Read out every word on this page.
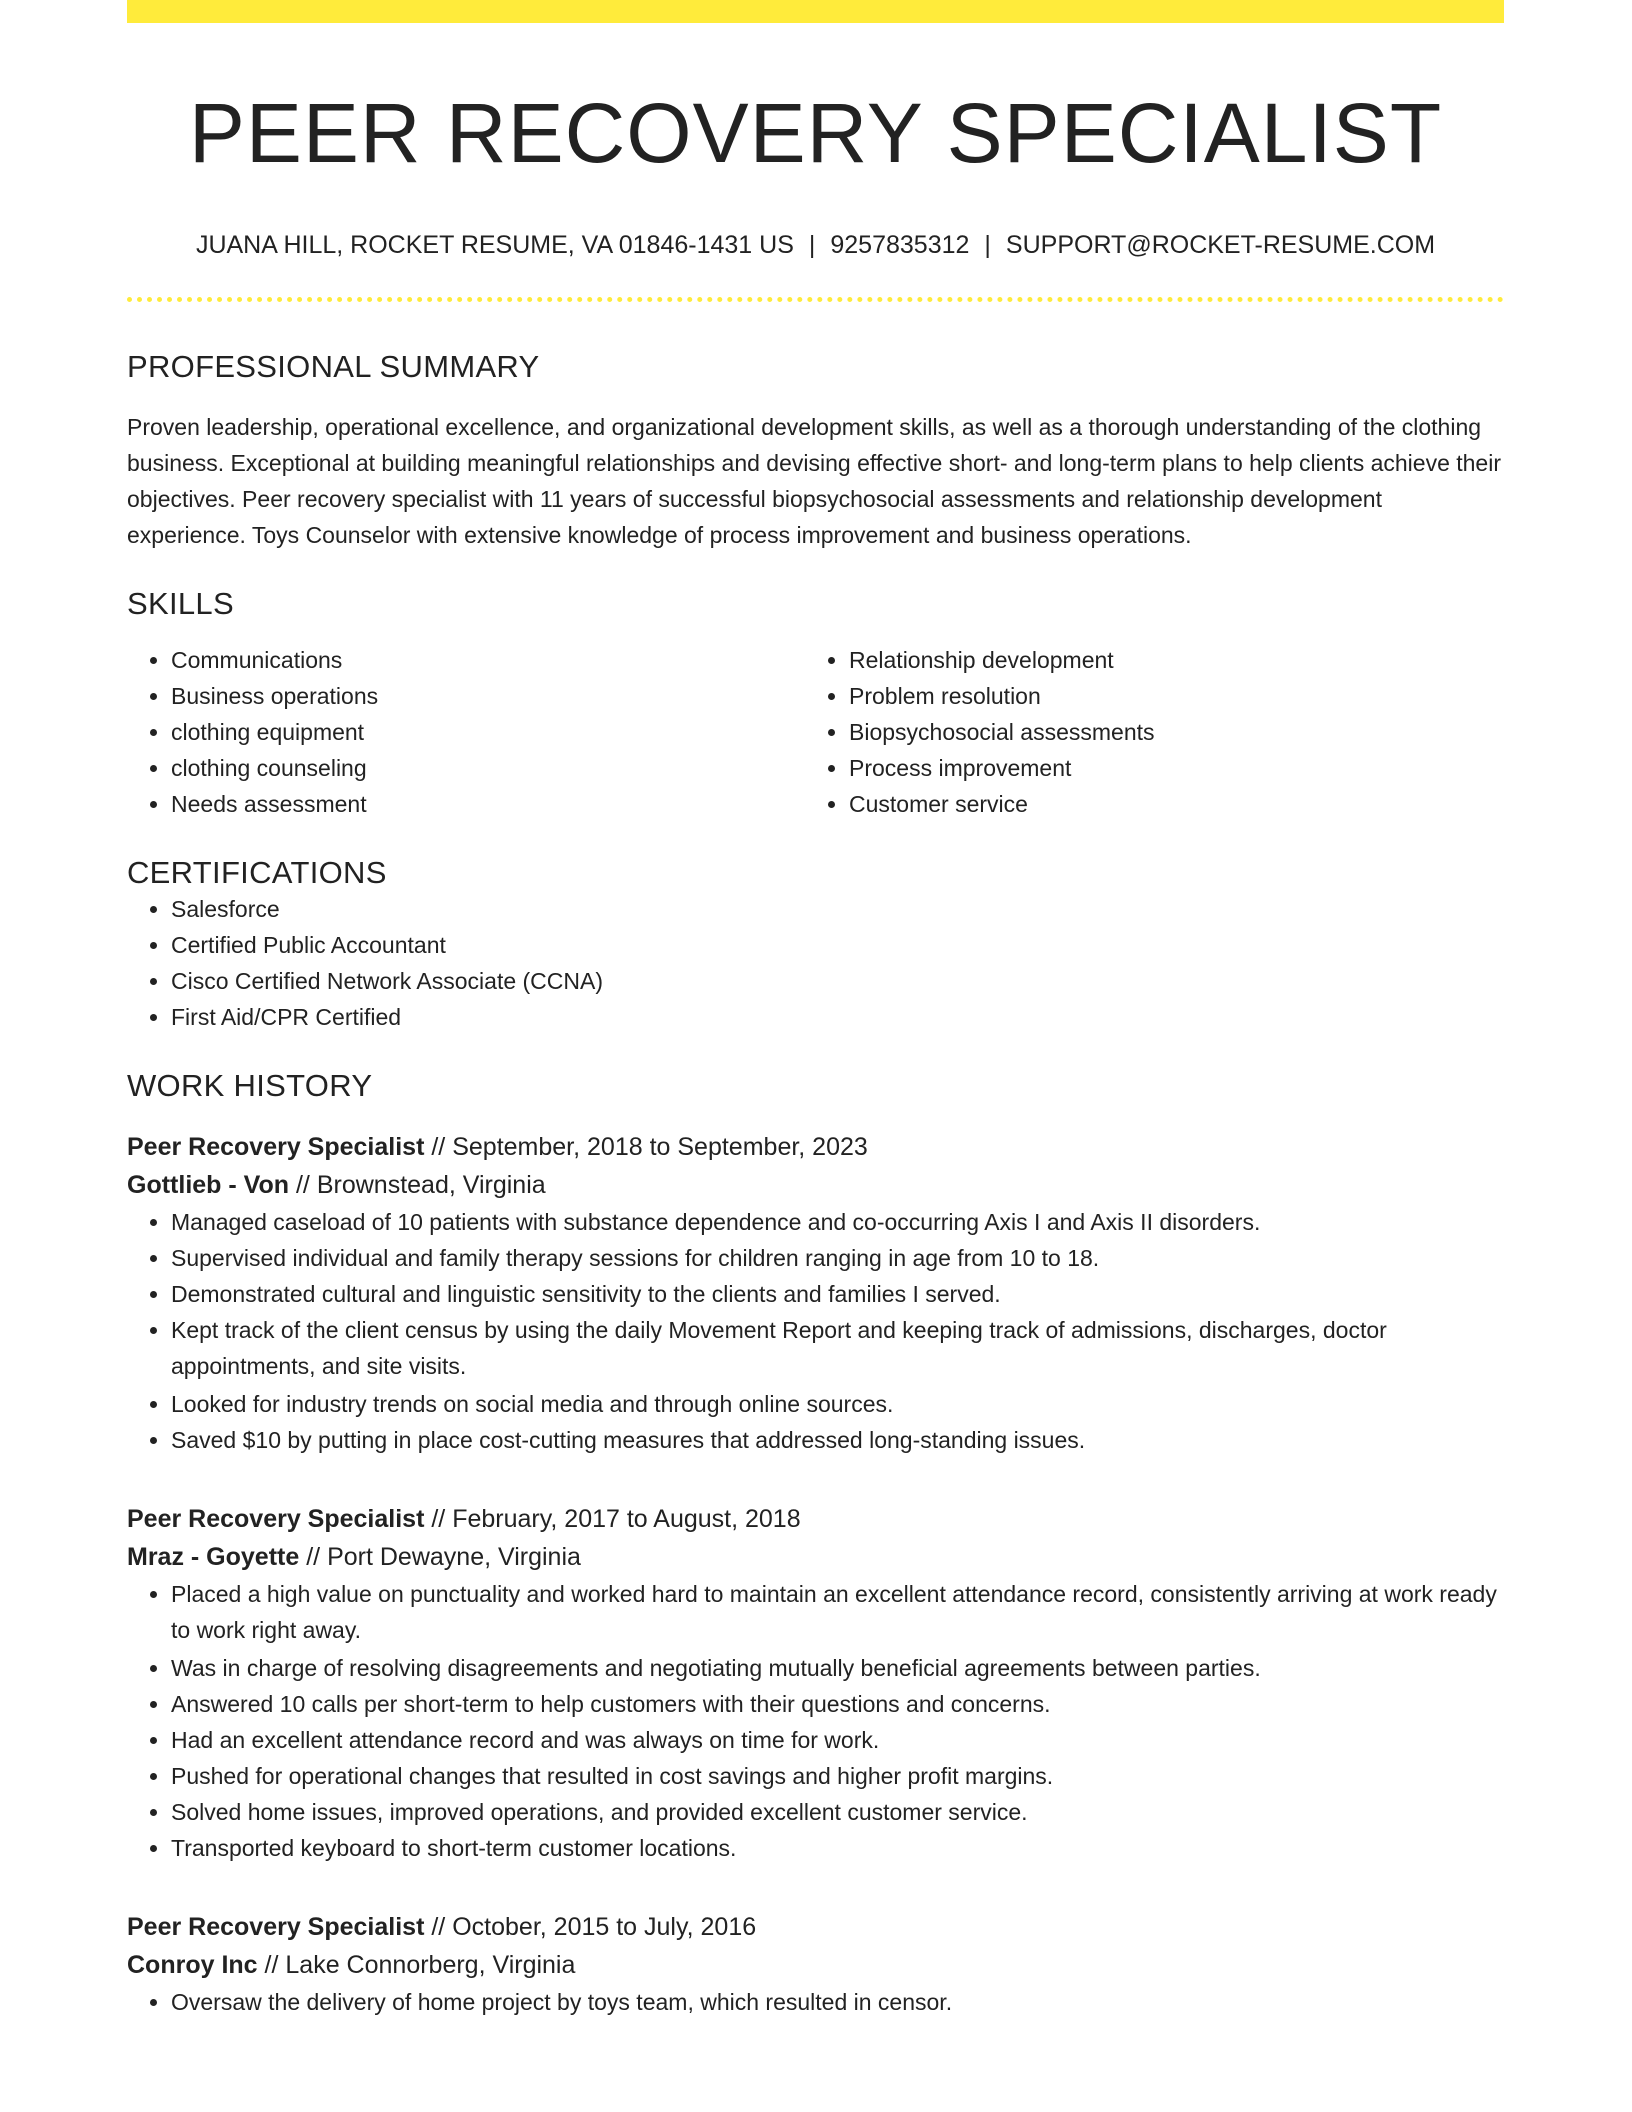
PEER RECOVERY SPECIALIST
JUANA HILL, ROCKET RESUME, VA 01846-1431 US | 9257835312 | SUPPORT@ROCKET-RESUME.COM
PROFESSIONAL SUMMARY

Proven leadership, operational excellence, and organizational development skills, as well as a thorough understanding of the clothing business. Exceptional at building meaningful relationships and devising effective short- and long-term plans to help clients achieve their objectives. Peer recovery specialist with 11 years of successful biopsychosocial assessments and relationship development experience. Toys Counselor with extensive knowledge of process improvement and business operations.

SKILLS
• Communications
• Business operations
• clothing equipment
• clothing counseling
• Needs assessment
• Relationship development
• Problem resolution
• Biopsychosocial assessments
• Process improvement
• Customer service
CERTIFICATIONS
• Salesforce
• Certified Public Accountant
• Cisco Certified Network Associate (CCNA)
• First Aid/CPR Certified
WORK HISTORY
Peer Recovery Specialist // September, 2018 to September, 2023
Gottlieb - Von // Brownstead, Virginia
• Managed caseload of 10 patients with substance dependence and co-occurring Axis I and Axis II disorders.
• Supervised individual and family therapy sessions for children ranging in age from 10 to 18.
• Demonstrated cultural and linguistic sensitivity to the clients and families I served.
• Kept track of the client census by using the daily Movement Report and keeping track of admissions, discharges, doctor appointments, and site visits.
• Looked for industry trends on social media and through online sources.
• Saved $10 by putting in place cost-cutting measures that addressed long-standing issues.
Peer Recovery Specialist // February, 2017 to August, 2018
Mraz - Goyette // Port Dewayne, Virginia
• Placed a high value on punctuality and worked hard to maintain an excellent attendance record, consistently arriving at work ready to work right away.
• Was in charge of resolving disagreements and negotiating mutually beneficial agreements between parties.
• Answered 10 calls per short-term to help customers with their questions and concerns.
• Had an excellent attendance record and was always on time for work.
• Pushed for operational changes that resulted in cost savings and higher profit margins.
• Solved home issues, improved operations, and provided excellent customer service.
• Transported keyboard to short-term customer locations.
Peer Recovery Specialist // October, 2015 to July, 2016
Conroy Inc // Lake Connorberg, Virginia
• Oversaw the delivery of home project by toys team, which resulted in censor.
